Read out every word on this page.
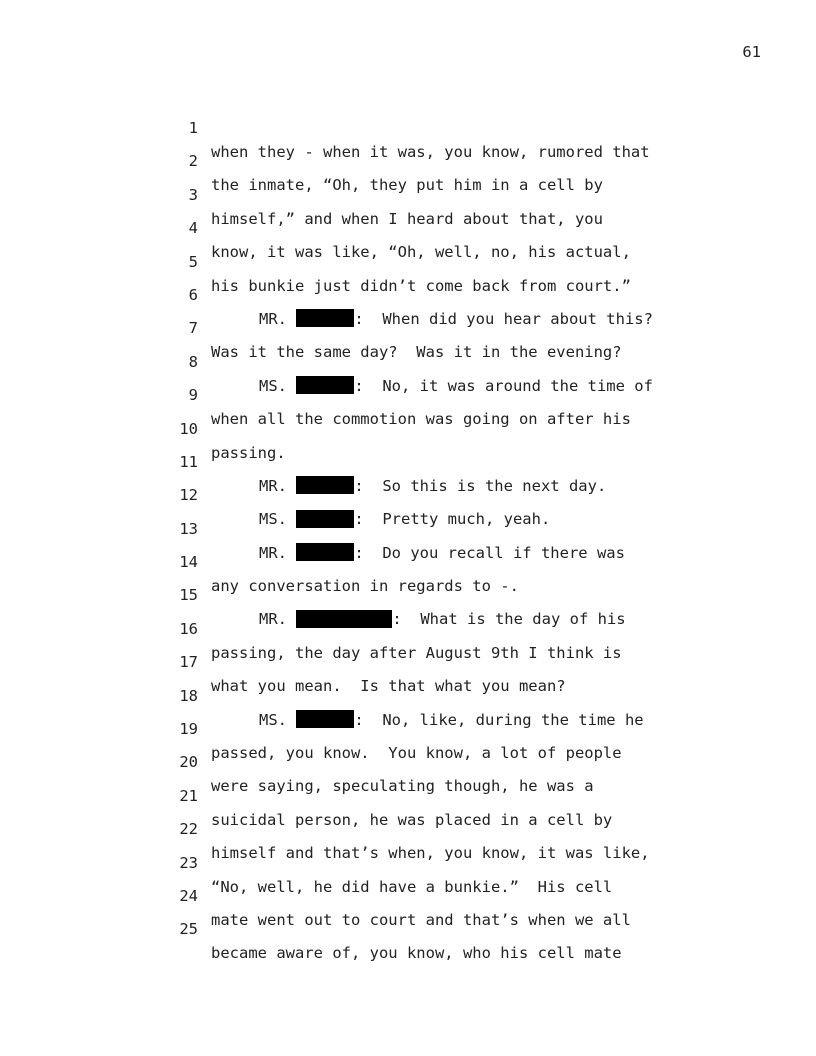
61

1

when they - when it was, you know, rumored that

2

the inmate, “Oh, they put him in a cell by

3

himself,” and when I heard about that, you

4

know, it was like, “Oh, well, no, his actual,

5

his bunkie just didn’t come back from court.”

6

MR.	:  When did you hear about this?

7

Was it the same day?  Was it in the evening?

8

MS.	:  No, it was around the time of

9

when all the commotion was going on after his

10

passing.

11

MR.	:  So this is the next day.

12

MS.	:  Pretty much, yeah.

13

MR.	:  Do you recall if there was

14

any conversation in regards to -.

15

MR.	:  What is the day of his

16

passing, the day after August 9th I think is

17

what you mean.  Is that what you mean?

18

MS.	:  No, like, during the time he

19

passed, you know.  You know, a lot of people

20

were saying, speculating though, he was a

21

suicidal person, he was placed in a cell by

22

himself and that’s when, you know, it was like,

23

“No, well, he did have a bunkie.”  His cell

24

mate went out to court and that’s when we all

25

became aware of, you know, who his cell mate
